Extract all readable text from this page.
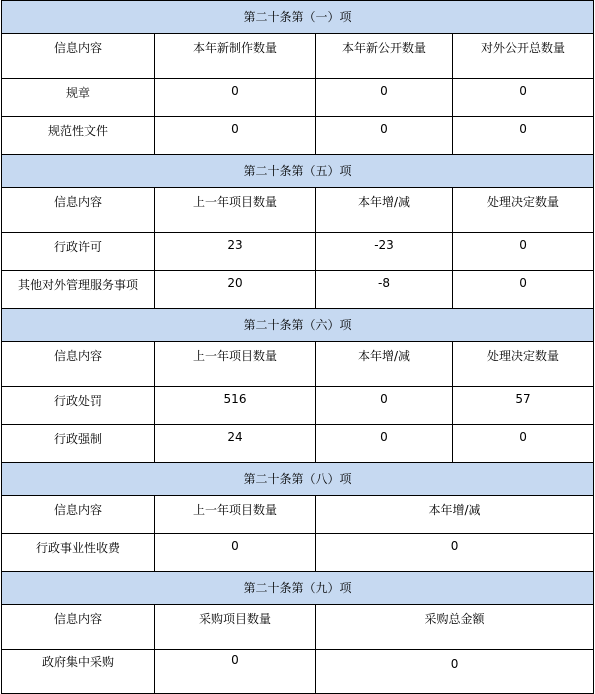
第二十条第（一）项			
信息内容	本年新制作数量	本年新公开数量	对外公开总数量
规章	0	0	0
规范性文件	0	0	0
第二十条第（五）项			
信息内容	上一年项目数量	本年增/减	处理决定数量
行政许可	23	-23	0
其他对外管理服务事项	20	-8	0
第二十条第（六）项			
信息内容	上一年项目数量	本年增/减	处理决定数量
行政处罚	516	0	57
行政强制	24	0	0
第二十条第（八）项			
信息内容	上一年项目数量	本年增/减	
行政事业性收费	0	0	
第二十条第（九）项			
信息内容	采购项目数量	采购总金额	
政府集中采购	0	0	
